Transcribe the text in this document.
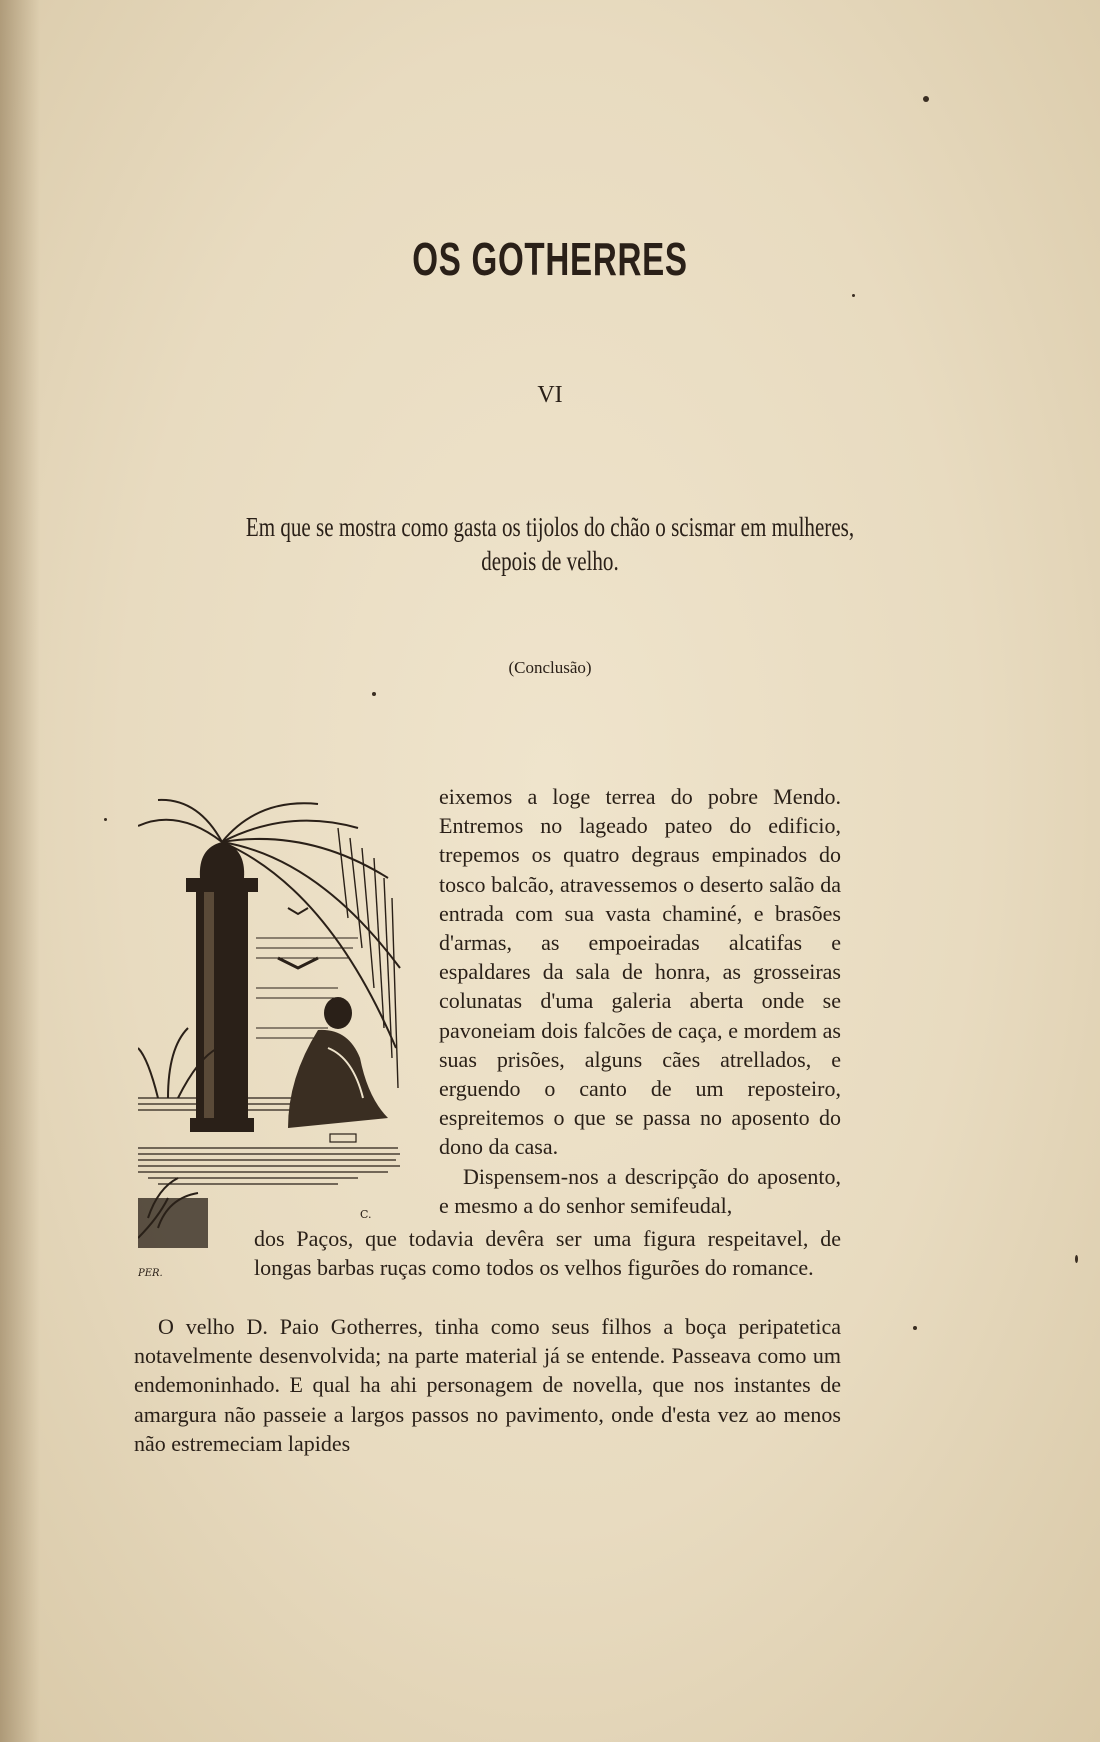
OS GOTHERRES
VI
Em que se mostra como gasta os tijolos do chão o scismar em mulheres, depois de velho.
(Conclusão)
C.
PER.

eixemos a loge terrea do pobre Mendo. Entremos no lageado pateo do edificio, trepemos os quatro degraus empinados do tosco balcão, atravessemos o deserto salão da entrada com sua vasta chaminé, e brasões d'armas, as empoeiradas alcatifas e espaldares da sala de honra, as grosseiras colunatas d'uma galeria aberta onde se pavoneiam dois falcões de caça, e mordem as suas prisões, alguns cães atrellados, e erguendo o canto de um reposteiro, espreitemos o que se passa no aposento do dono da casa.

Dispensem-nos a descripção do aposento, e mesmo a do senhor semifeudal,

dos Paços, que todavia devêra ser uma figura respeitavel, de longas barbas ruças como todos os velhos figurões do romance.

O velho D. Paio Gotherres, tinha como seus filhos a boça peripatetica notavelmente desenvolvida; na parte material já se entende. Passeava como um endemoninhado. E qual ha ahi personagem de novella, que nos instantes de amargura não passeie a largos passos no pavimento, onde d'esta vez ao menos não estremeciam lapides
